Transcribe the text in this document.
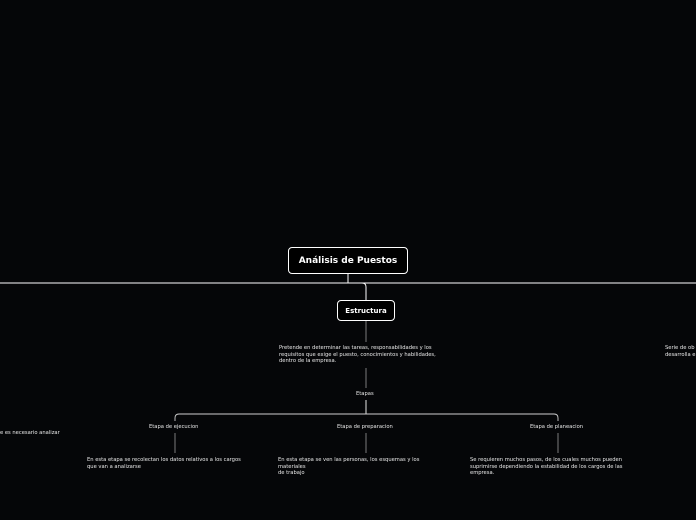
Análisis de Puestos
Estructura
Pretende en determinar las tareas, responsabilidades y los
requisitos que exige el puesto, conocimientos y habilidades,
dentro de la empresa.
Etapas
Etapa de ejecucion
En esta etapa se recolectan los datos relativos a los cargos
que van a analizarse
Etapa de preparacion
En esta etapa se ven las personas, los esquemas y los
materiales
de trabajo
Etapa de planeacion
Se requieren muchos pasos, de los cuales muchos pueden
suprimirse dependiendo la estabilidad de los cargos de las
empresa.
e es necesario analizar
Serie de ob
desarrolla e
